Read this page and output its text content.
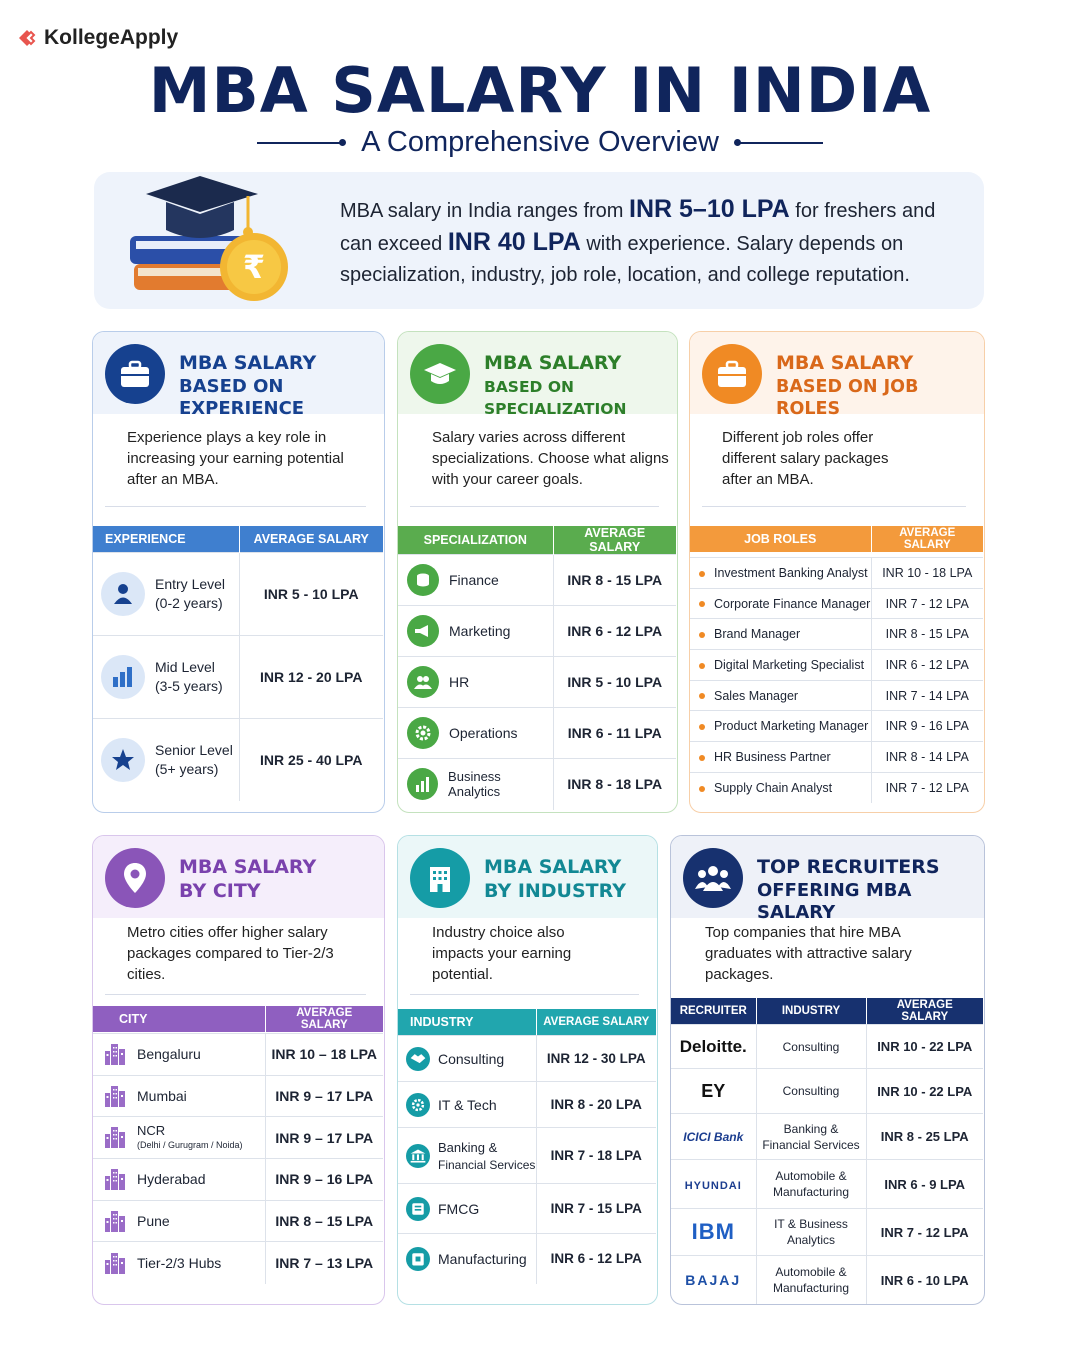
KollegeApply
MBA SALARY IN INDIA
A Comprehensive Overview
₹
MBA salary in India ranges from INR 5–10 LPA for freshers and can exceed INR 40 LPA with experience. Salary depends on specialization, industry, job role, location, and college reputation.
MBA SALARY
BASED ON EXPERIENCE
Experience plays a key role in increasing your earning potential after an MBA.
EXPERIENCE	AVERAGE SALARY

Entry Level
(0-2 years)	INR 5 - 10 LPA

Mid Level
(3-5 years)	INR 12 - 20 LPA

Senior Level
(5+ years)	INR 25 - 40 LPA
MBA SALARY
BASED ON SPECIALIZATION
Salary varies across different specializations. Choose what aligns with your career goals.
SPECIALIZATION	AVERAGE SALARY

Finance	INR 8 - 15 LPA

Marketing	INR 6 - 12 LPA

HR	INR 5 - 10 LPA

Operations	INR 6 - 11 LPA

Business Analytics	INR 8 - 18 LPA
MBA SALARY
BASED ON JOB ROLES
Different job roles offer different salary packages after an MBA.
JOB ROLES	AVERAGE SALARY
Investment Banking Analyst	INR 10 - 18 LPA
Corporate Finance Manager	INR 7 - 12 LPA
Brand Manager	INR 8 - 15 LPA
Digital Marketing Specialist	INR 6 - 12 LPA
Sales Manager	INR 7 - 14 LPA
Product Marketing Manager	INR 9 - 16 LPA
HR Business Partner	INR 8 - 14 LPA
Supply Chain Analyst	INR 7 - 12 LPA
MBA SALARY
BY CITY
Metro cities offer higher salary packages compared to Tier-2/3 cities.
CITY	AVERAGE SALARY
Bengaluru	INR 10 – 18 LPA

Mumbai	INR 9 – 17 LPA

NCR
(Delhi / Gurugram / Noida)	INR 9 – 17 LPA

Hyderabad	INR 9 – 16 LPA

Pune	INR 8 – 15 LPA

Tier-2/3 Hubs	INR 7 – 13 LPA
MBA SALARY
BY INDUSTRY
Industry choice also impacts your earning potential.
INDUSTRY	AVERAGE SALARY
Consulting	INR 12 - 30 LPA

IT & Tech	INR 8 - 20 LPA

Banking &
Financial Services	INR 7 - 18 LPA

FMCG	INR 7 - 15 LPA

Manufacturing	INR 6 - 12 LPA
TOP RECRUITERS
OFFERING MBA SALARY
Top companies that hire MBA graduates with attractive salary packages.
RECRUITER	INDUSTRY	AVERAGE SALARY
Deloitte.	Consulting	INR 10 - 22 LPA
EY	Consulting	INR 10 - 22 LPA
ICICI Bank	Banking &
Financial Services	INR 8 - 25 LPA
HYUNDAI	Automobile &
Manufacturing	INR 6 - 9 LPA
IBM	IT & Business
Analytics	INR 7 - 12 LPA
BAJAJ	Automobile &
Manufacturing	INR 6 - 10 LPA
